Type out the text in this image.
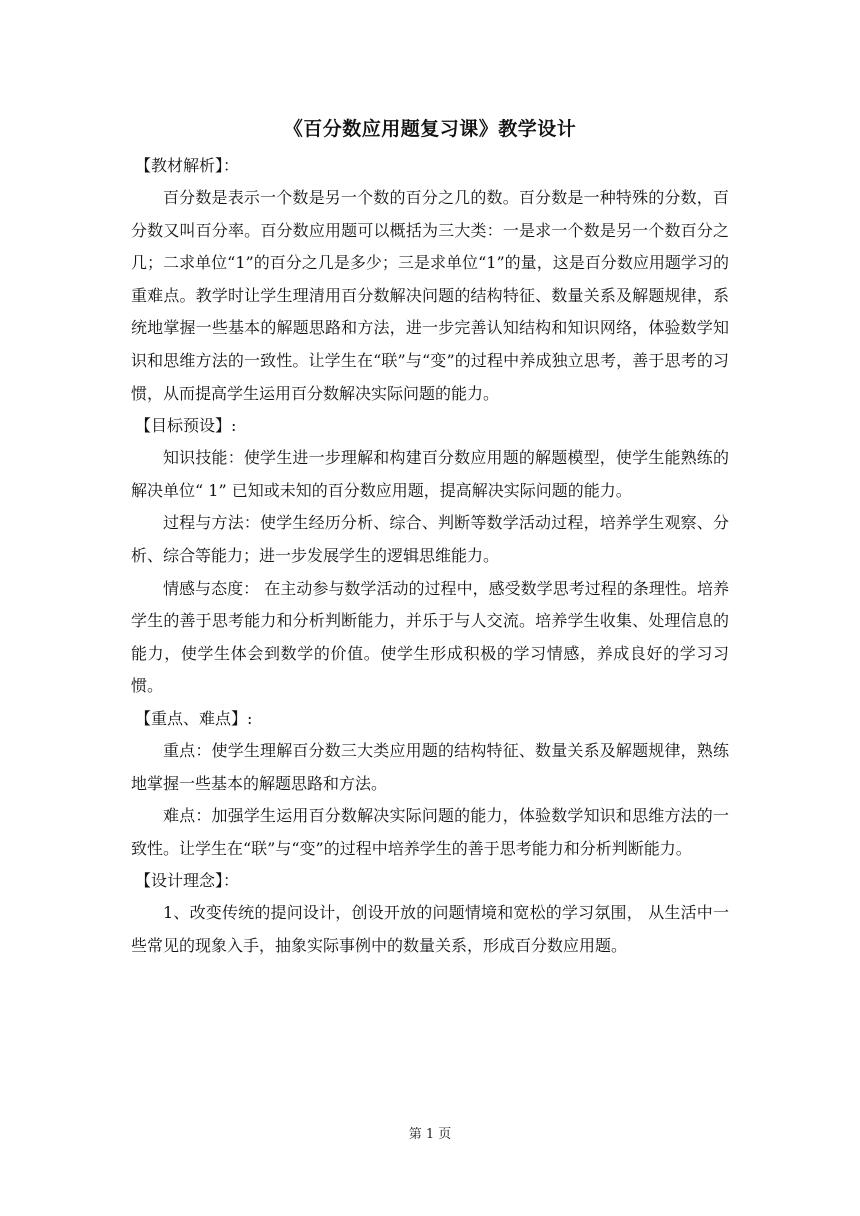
《百分数应用题复习课》教学设计

【教材解析】：

百分数是表示一个数是另一个数的百分之几的数。百分数是一种特殊的分数，百分数又叫百分率。百分数应用题可以概括为三大类：一是求一个数是另一个数百分之几；二求单位“1”的百分之几是多少；三是求单位“1”的量，这是百分数应用题学习的重难点。教学时让学生理清用百分数解决问题的结构特征、数量关系及解题规律，系统地掌握一些基本的解题思路和方法，进一步完善认知结构和知识网络，体验数学知识和思维方法的一致性。让学生在“联”与“变”的过程中养成独立思考，善于思考的习惯，从而提高学生运用百分数解决实际问题的能力。

【目标预设】:

知识技能：使学生进一步理解和构建百分数应用题的解题模型，使学生能熟练的解决单位“ 1” 已知或未知的百分数应用题，提高解决实际问题的能力。

过程与方法：使学生经历分析、综合、判断等数学活动过程，培养学生观察、分析、综合等能力；进一步发展学生的逻辑思维能力。

情感与态度： 在主动参与数学活动的过程中，感受数学思考过程的条理性。培养学生的善于思考能力和分析判断能力，并乐于与人交流。培养学生收集、处理信息的能力，使学生体会到数学的价值。使学生形成积极的学习情感，养成良好的学习习惯。

【重点、难点】:

重点：使学生理解百分数三大类应用题的结构特征、数量关系及解题规律，熟练地掌握一些基本的解题思路和方法。

难点：加强学生运用百分数解决实际问题的能力，体验数学知识和思维方法的一致性。让学生在“联”与“变”的过程中培养学生的善于思考能力和分析判断能力。

【设计理念】：

1、改变传统的提问设计，创设开放的问题情境和宽松的学习氛围， 从生活中一些常见的现象入手，抽象实际事例中的数量关系，形成百分数应用题。

第 1 页
